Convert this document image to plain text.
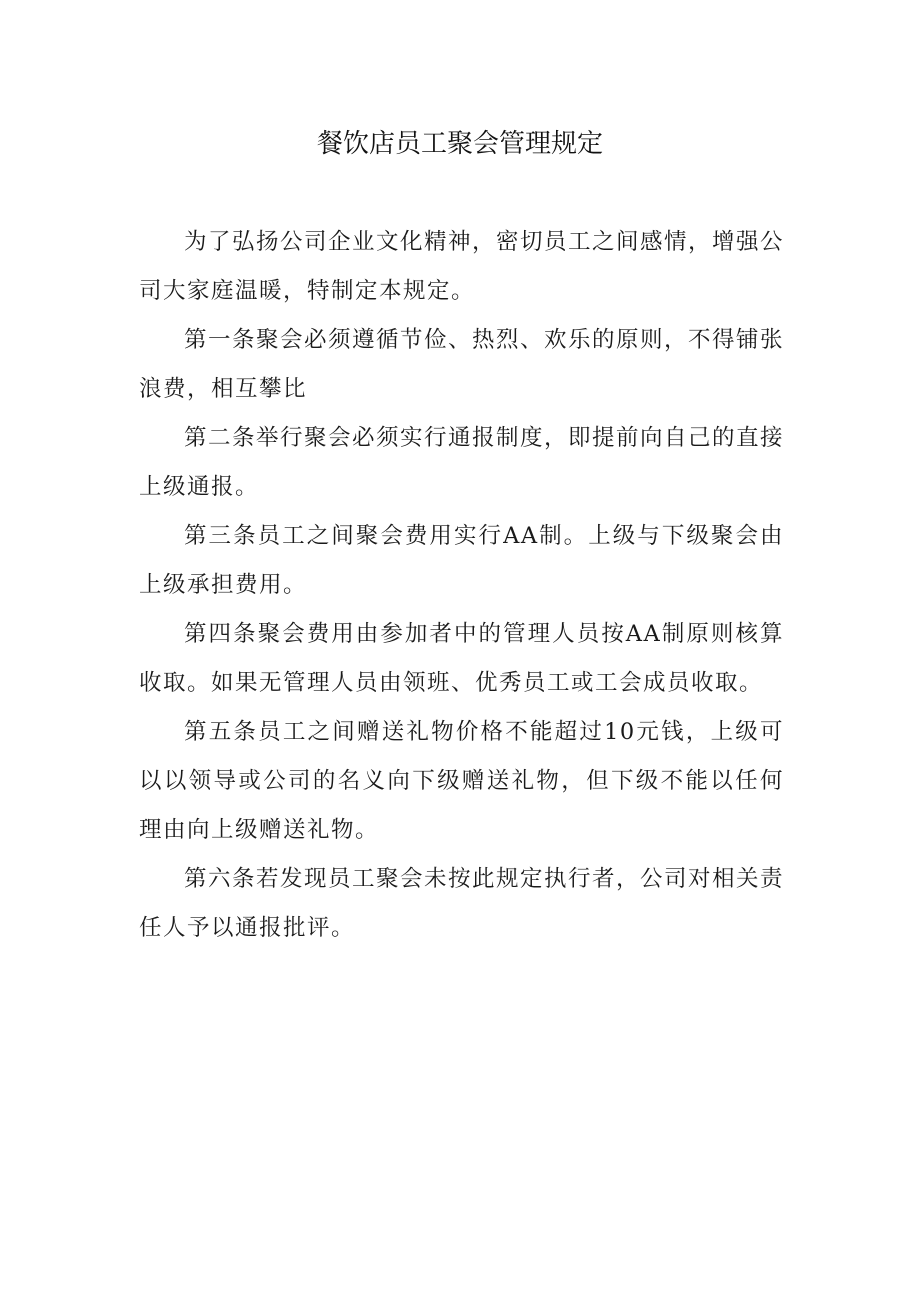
餐饮店员工聚会管理规定

为了弘扬公司企业文化精神，密切员工之间感情，增强公司大家庭温暖，特制定本规定。

第一条聚会必须遵循节俭、热烈、欢乐的原则，不得铺张浪费，相互攀比

第二条举行聚会必须实行通报制度，即提前向自己的直接上级通报。

第三条员工之间聚会费用实行AA制。上级与下级聚会由上级承担费用。

第四条聚会费用由参加者中的管理人员按AA制原则核算收取。如果无管理人员由领班、优秀员工或工会成员收取。

第五条员工之间赠送礼物价格不能超过10元钱，上级可以以领导或公司的名义向下级赠送礼物，但下级不能以任何理由向上级赠送礼物。

第六条若发现员工聚会未按此规定执行者，公司对相关责任人予以通报批评。
